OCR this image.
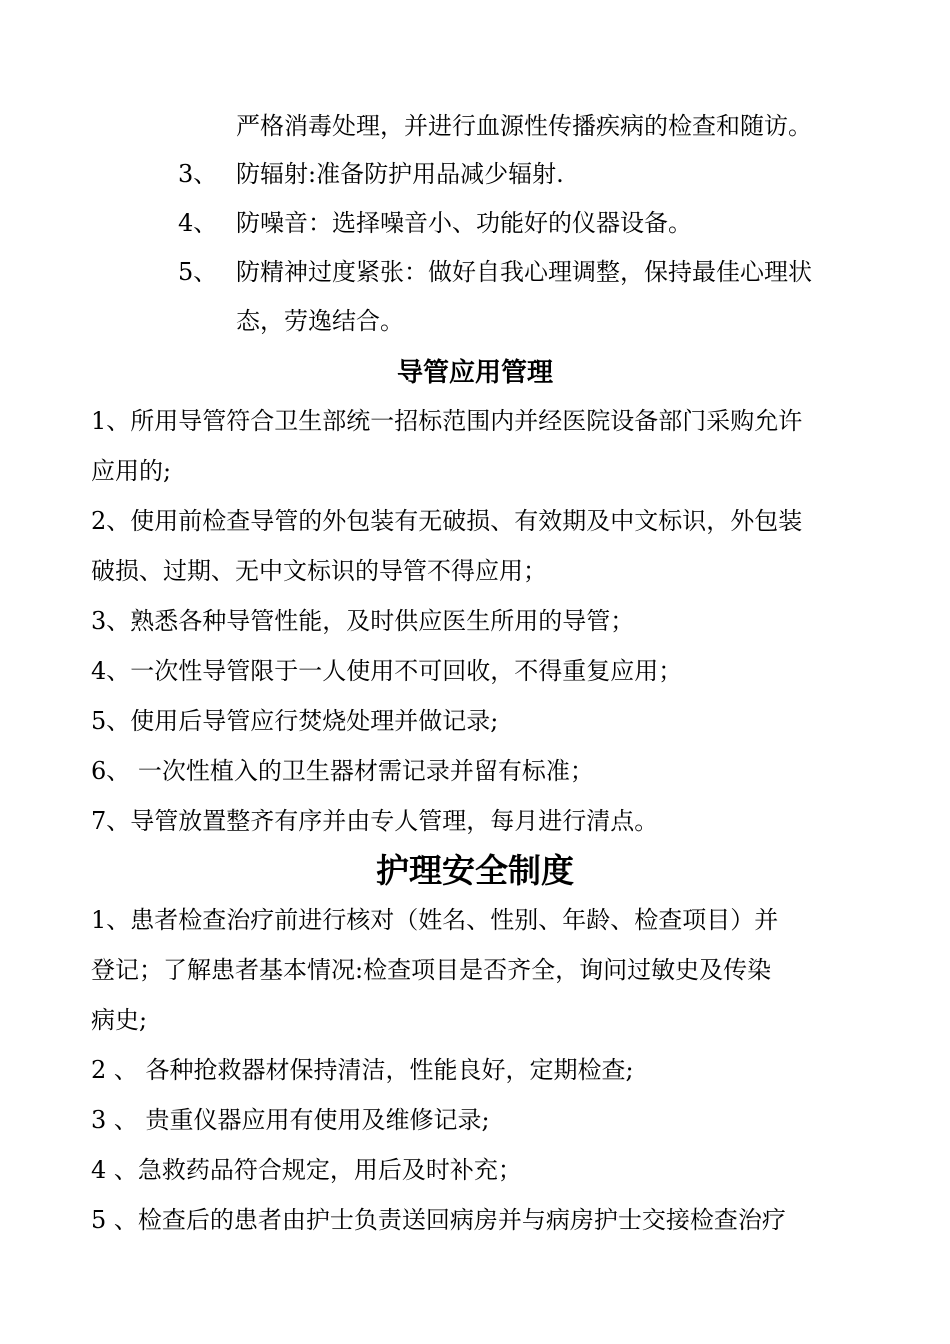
严格消毒处理，并进行血源性传播疾病的检查和随访。
3、 防辐射:准备防护用品减少辐射.
4、 防噪音：选择噪音小、功能好的仪器设备。
5、 防精神过度紧张：做好自我心理调整，保持最佳心理状
态，劳逸结合。
导管应用管理
1、所用导管符合卫生部统一招标范围内并经医院设备部门采购允许
应用的;
2、使用前检查导管的外包装有无破损、有效期及中文标识，外包装
破损、过期、无中文标识的导管不得应用；
3、熟悉各种导管性能，及时供应医生所用的导管；
4、一次性导管限于一人使用不可回收，不得重复应用；
5、使用后导管应行焚烧处理并做记录;
6、 一次性植入的卫生器材需记录并留有标准；
7、导管放置整齐有序并由专人管理，每月进行清点。
护理安全制度
1、患者检查治疗前进行核对（姓名、性别、年龄、检查项目）并
登记；了解患者基本情况:检查项目是否齐全，询问过敏史及传染
病史;
2 、 各种抢救器材保持清洁，性能良好，定期检查;
3 、 贵重仪器应用有使用及维修记录;
4 、急救药品符合规定，用后及时补充；
5 、检查后的患者由护士负责送回病房并与病房护士交接检查治疗
